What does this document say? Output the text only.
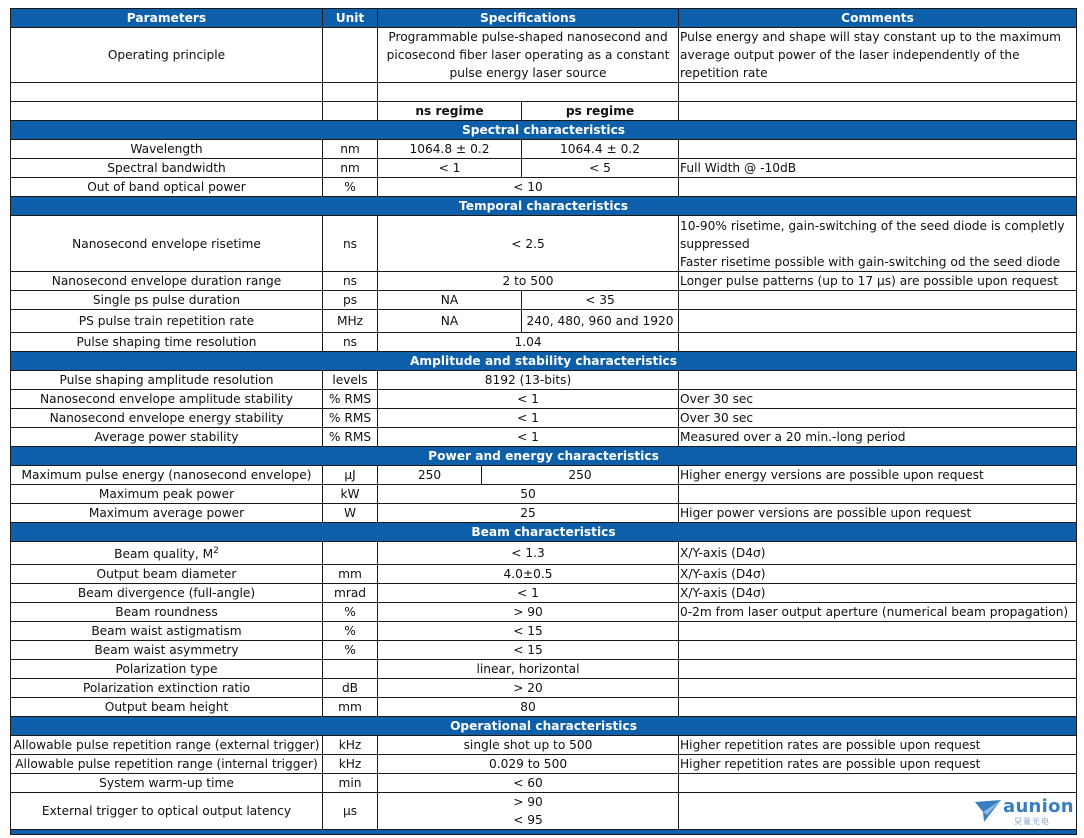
Parameters	Unit	Specifications			Comments
Operating principle		Programmable pulse-shaped nanosecond and picosecond fiber laser operating as a constant pulse energy laser source			Pulse energy and shape will stay constant up to the maximum average output power of the laser independently of the repetition rate

		ns regime		ps regime	
Spectral characteristics					
Wavelength	nm	1064.8 ± 0.2		1064.4 ± 0.2	
Spectral bandwidth	nm	< 1		< 5	Full Width @ -10dB
Out of band optical power	%	< 10			
Temporal characteristics					
Nanosecond envelope risetime	ns	< 2.5			10-90% risetime, gain-switching of the seed diode is completly suppressed
Faster risetime possible with gain-switching od the seed diode

Nanosecond envelope duration range	ns	2 to 500			Longer pulse patterns (up to 17 µs) are possible upon request
Single ps pulse duration	ps	NA		< 35	
PS pulse train repetition rate	MHz	NA		240, 480, 960 and 1920	
Pulse shaping time resolution	ns	1.04			
Amplitude and stability characteristics					
Pulse shaping amplitude resolution	levels	8192 (13-bits)			
Nanosecond envelope amplitude stability	% RMS	< 1			Over 30 sec
Nanosecond envelope energy stability	% RMS	< 1			Over 30 sec
Average power stability	% RMS	< 1			Measured over a 20 min.-long period
Power and energy characteristics					
Maximum pulse energy (nanosecond envelope)	µJ	250	250		Higher energy versions are possible upon request
Maximum peak power	kW	50			
Maximum average power	W	25			Higer power versions are possible upon request
Beam characteristics					
Beam quality, $M^2$		< 1.3			X/Y-axis (D4σ)
Output beam diameter	mm	4.0±0.5			X/Y-axis (D4σ)
Beam divergence (full-angle)	mrad	< 1			X/Y-axis (D4σ)
Beam roundness	%	> 90			0-2m from laser output aperture (numerical beam propagation)
Beam waist astigmatism	%	< 15			
Beam waist asymmetry	%	< 15			
Polarization type		linear, horizontal			
Polarization extinction ratio	dB	> 20			
Output beam height	mm	80			
Operational characteristics					
Allowable pulse repetition range (external trigger)	kHz	single shot up to 500			Higher repetition rates are possible upon request
Allowable pulse repetition range (internal trigger)	kHz	0.029 to 500			Higher repetition rates are possible upon request
System warm-up time	min	< 60			
External trigger to optical output latency	µs	> 90
< 95			

aunion
昊量光电
